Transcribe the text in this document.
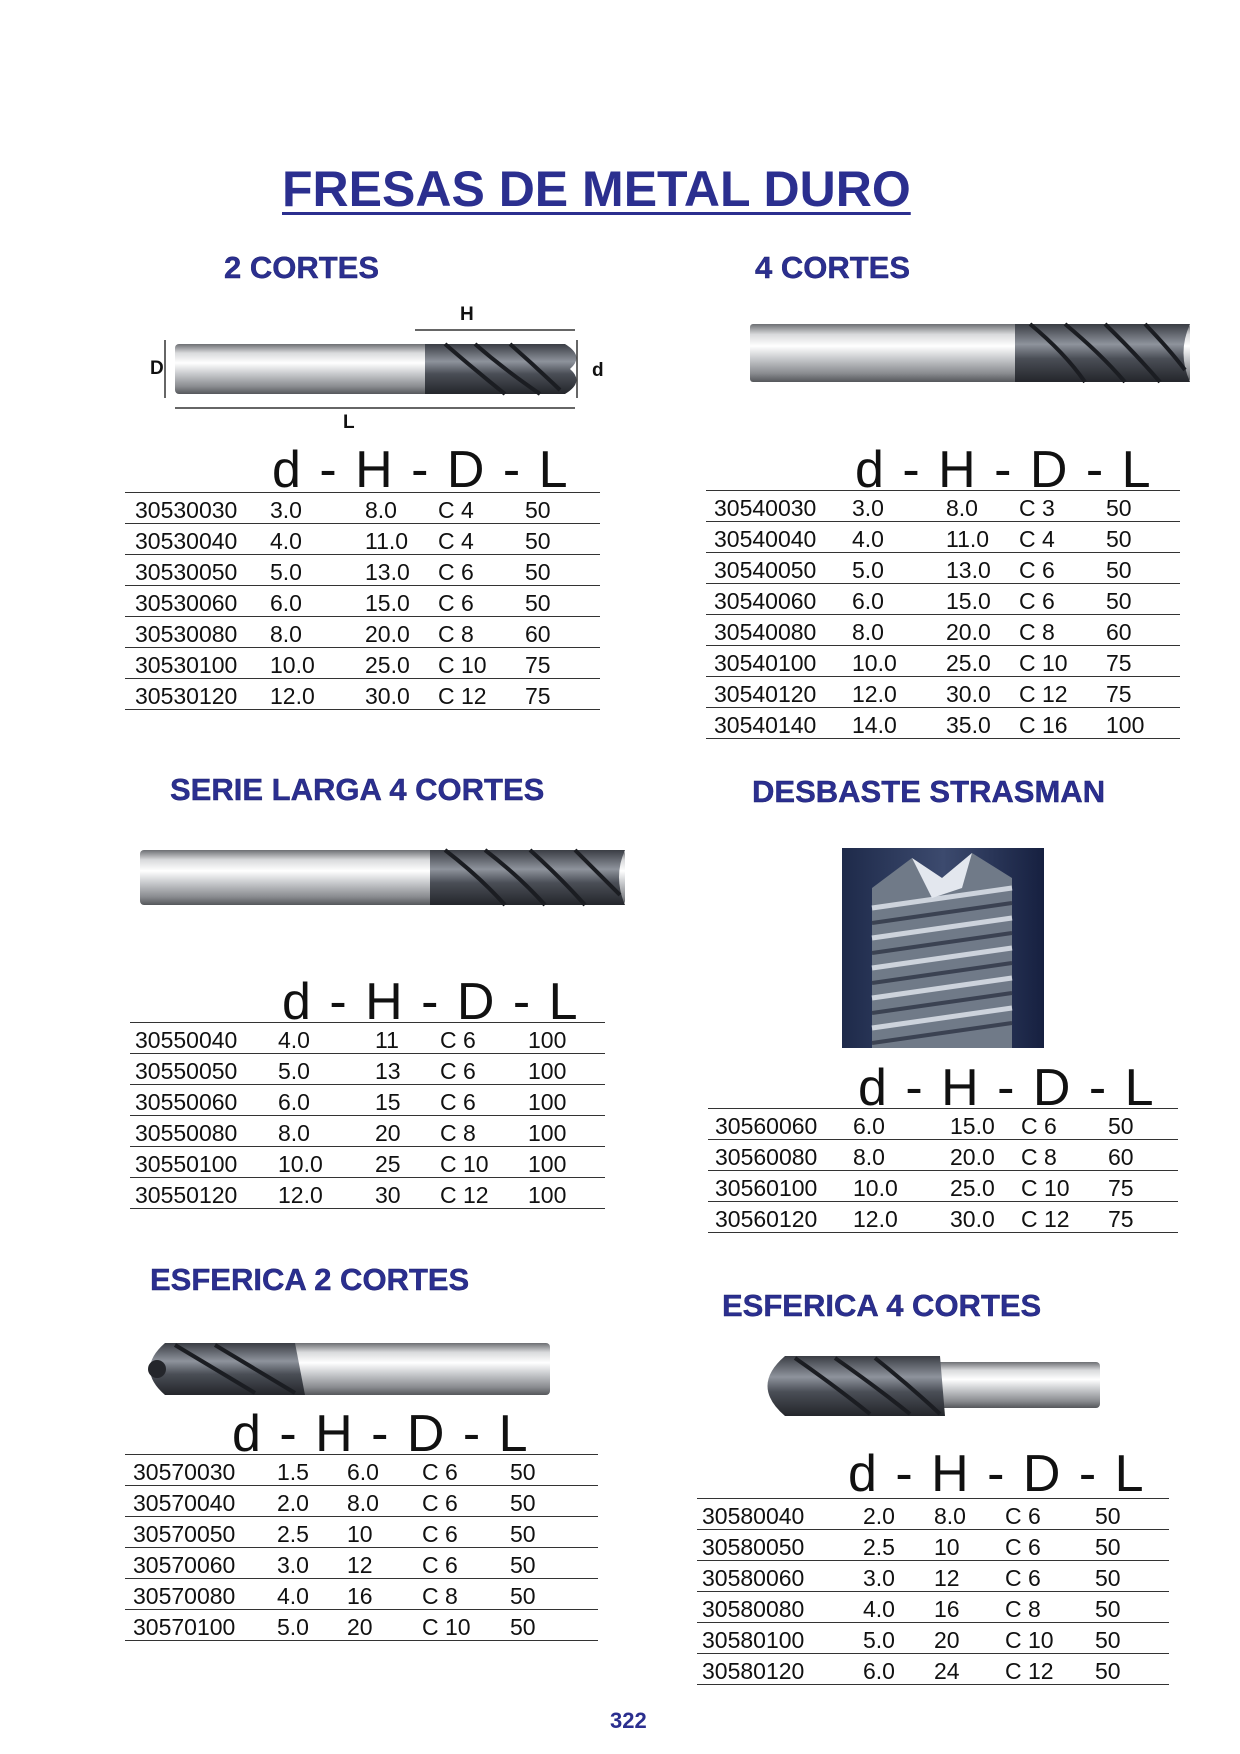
FRESAS DE METAL DURO
2 CORTES
H
D	d
L
d - H - D - L
30530030 3.0	8.0 C 4 50
30530040 4.0	11.0 C 4 50
30530050 5.0	13.0 C 6 50
30530060 6.0	15.0 C 6 50
30530080 8.0	20.0 C 8 60
30530100 10.0 25.0 C 10 75
30530120 12.0 30.0 C 12 75
4 CORTES
d - H - D - L
30540030 3.0	8.0 C 3 50
30540040 4.0	11.0 C 4 50
30540050 5.0	13.0 C 6 50
30540060 6.0	15.0 C 6 50
30540080 8.0	20.0 C 8 60
30540100 10.0 25.0 C 10 75
30540120 12.0 30.0 C 12 75
30540140 14.0 35.0 C 16 100
SERIE LARGA 4 CORTES
d - H - D - L
30550040 4.0	11 C 6 100
30550050 5.0	13 C 6 100
30550060 6.0	15 C 6 100
30550080 8.0	20 C 8 100
30550100 10.0 25 C 10 100
30550120 12.0 30 C 12 100
DESBASTE STRASMAN
d - H - D - L
30560060 6.0	15.0 C 6 50
30560080 8.0	20.0 C 8 60
30560100 10.0 25.0 C 10 75
30560120 12.0 30.0 C 12 75
ESFERICA 2 CORTES
d - H - D - L
30570030 1.5 6.0 C 6 50
30570040 2.0 8.0 C 6 50
30570050 2.5 10 C 6 50
30570060 3.0 12 C 6 50
30570080 4.0 16 C 8 50
30570100 5.0 20 C 10 50
ESFERICA 4 CORTES
d - H - D - L
30580040	2.0 8.0 C 6 50
30580050	2.5 10 C 6 50
30580060	3.0 12 C 6 50
30580080	4.0 16 C 8 50
30580100	5.0 20 C 10 50
30580120	6.0 24 C 12 50
322
